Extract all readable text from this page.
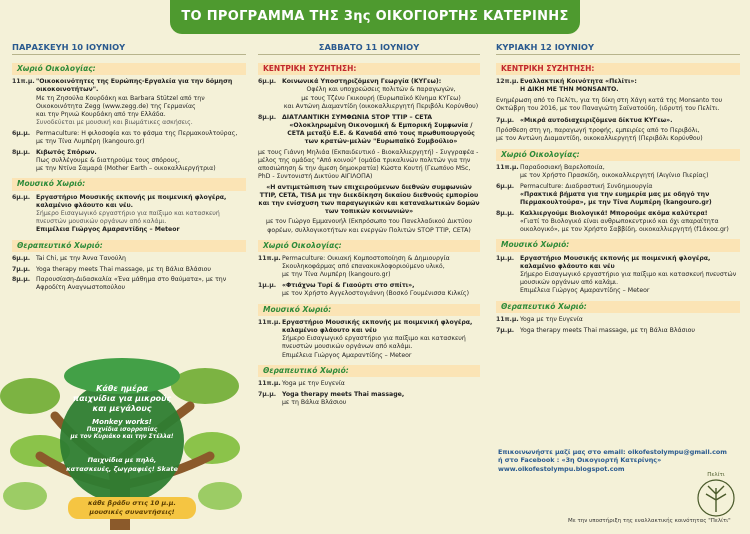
ΤΟ ΠΡΟΓΡΑΜΜΑ ΤΗΣ 3ης ΟΙΚΟΓΙΟΡΤΗΣ ΚΑΤΕΡΙΝΗΣ
ΠΑΡΑΣΚΕΥΗ 10 ΙΟΥΝΙΟΥ
Χωριό Οικολογίας:
11π.μ. "Οικοκοινότητες της Ευρώπης-Εργαλεία για την δόμηση οικοκοινοτήτων".
Με τη Ζησούλα Κουρδάκη και Barbara Stützel από την Οικοκοινότητα Zegg (www.zegg.de) της Γερμανίας
και την Ρηνιώ Κουρδάκη από την Ελλάδα.
Συνοδεύεται με μουσική και βιωμάτικες ασκήσεις.
6μ.μ. Permaculture: Η φιλοσοφία και το φάσμα της Περμακουλτούρας, με την Τίνα Λυμπέρη (kangouro.gr)
8μ.μ. Κιβωτός Σπόρων.
Πως συλλέγουμε & διατηρούμε τους σπόρους,
με την Ντίνα Σαμαρά (Mother Earth – οικοκαλλιεργήτρια)
Μουσικό Χωριό:
6μ.μ. Εργαστήριο Μουσικής εκπονής με ποιμενική φλογέρα, καλαμένιο φλάουτο και νέυ.
Σήμερο Εισαγωγικό εργαστήριο για παίξιμο και κατασκευή πνευστών μουσικών οργάνων από καλάμι.
Επιμέλεια Γιώργος Αμαραντίδης – Meteor
Θεραπευτικό Χωριό:
6μ.μ. Tai Chi, με την Άννα Τανούλη
7μ.μ. Yoga therapy meets Thai massage, με τη Βάλια Βλάσιου
8μ.μ. Παρουσίαση-Διδασκαλία «Ένα μάθημα στο θαύματα», με την Αφροδίτη Αναγνωστοπούλου
Κάθε ημέρα
παιχνίδια για μικρούς
και μεγάλους
Monkey works!
Παιχνίδια ισορροπίας
με τον Κυριάκο και την Στέλλα!
Παιχνίδια με πηλό, κατασκευές, ζωγραφιές! Skate
κάθε βράδυ στις 10 μ.μ.
μουσικές συναντήσεις!
ΣΑΒΒΑΤΟ 11 ΙΟΥΝΙΟΥ
ΚΕΝΤΡΙΚΗ ΣΥΖΗΤΗΣΗ:
6μ.μ. Κοινωνικά Υποστηριζόμενη Γεωργία (ΚΥΓεω):
Οφέλη και υποχρεώσεις πολιτών & παραγωγών,
με τους Τζένυ Γκικουρή (Ευρωπαϊκό Κίνημα ΚΥΓεω)
και Αντώνη Διαμαντίδη (οικοκαλλιεργητή Περιβόλι Κορύνθου)
8μ.μ. ΔΙΑΤΛΑΝΤΙΚΗ ΣΥΜΦΩΝΙΑ STOP TTIP – CETA
«Ολοκληρωμένη Οικονομική & Εμπορική Συμφωνία / CETA μεταξύ Ε.Ε. & Καναδά από τους πρωθυπουργούς των κρατών-μελών "Ευρωπαϊκό Συμβούλιο»
με τους Γιάννη Μηλιάα (Εκπαιδευτικό - Βιοκαλλιεργητή) - Συγγραφέα - μέλος της ομάδας "Από κοινού" (ομάδα τρικαλινών πολιτών για την αποσιώπηση & την άμεση δημοκρατία) Κώστα Κουτή (Γεωπόνο MSc, PhD - Συντονιστή Δικτύου ΑΙΓΙΛΟΠΑ)
«Η αντιμετώπιση των επιχειρούμενων διεθνών συμφωνιών TTIP, CETA, TISA με την διεκδίκηση δικαίου διεθνούς εμπορίου και την ενίσχυση των παραγωγικών και καταναλωτικών δομών των τοπικών κοινωνιών»
με τον Γιώργο Εμμανουήλ (Εκπρόσωπο του Πανελλαδικού Δικτύου φορέων, συλλογικοτήτων και ενεργών Πολιτών STOP TTIP, CETA)
Χωριό Οικολογίας:
11π.μ. Permaculture: Οικιακή Κομποστοποίηση & Δημιουργία Σκουληκοφάρμας από επανακυκλοφοριούμενο υλικό,
με την Τίνα Λυμπέρη (kangouro.gr)
1μ.μ. «Φτιάχνω Τυρί & Γιαούρτι στο σπίτι»,
με τον Χρήστο Αγγελοστογιάννη (Βοσκό Γουμένισσα Κιλκίς)
Μουσικό Χωριό:
11π.μ. Εργαστήριο Μουσικής εκπονής με ποιμενική φλογέρα, καλαμένιο φλάουτο και νέυ
Σήμερο Εισαγωγικό εργαστήριο για παίξιμο και κατασκευή πνευστών μουσικών οργάνων από καλάμι.
Επιμέλεια Γιώργος Αμαραντίδης – Meteor
Θεραπευτικό Χωριό:
11π.μ. Yoga με την Ευγενία
7μ.μ. Yoga therapy meets Thai massage,
με τη Βάλια Βλάσιου
ΚΥΡΙΑΚΗ 12 ΙΟΥΝΙΟΥ
ΚΕΝΤΡΙΚΗ ΣΥΖΗΤΗΣΗ:
12π.μ. Εναλλακτική Κοινότητα «Πελίτι»:
Η ΔΙΚΗ ΜΕ ΤΗΝ MONSANTO.
Ενημέρωση από το Πελίτι, για τη δίκη στη Χάγη κατά της Monsanto του Οκτώβρη του 2016, με τον Παναγιώτη Σαϊνατούδη, (ιδρυτή του Πελίτι.
7μ.μ. «Μικρά αυτοδιαχειριζόμενα δίκτυα ΚΥΓεω».
Πρόσθεση στη γη, παραγωγή τροφής, εμπειρίες από το Περιβόλι,
με τον Αντώνη Διαμαντίδη, οικοκαλλιεργητή (Περιβόλι Κορύνθου)
Χωριό Οικολογίας:
11π.μ. Παραδοσιακή Βαρελοποιία,
με τον Χρήστο Πρασκίδη, οικοκαλλιεργητή (Αιγίνιο Πιερίας)
6μ.μ. Permaculture: Διαδραστική Συνδημιουργία
«Πρακτικά βήματα για την ευημερία μας με οδηγό την Περμακουλτούρα», με την Τίνα Λυμπέρη (kangouro.gr)
8μ.μ. Καλλιεργούμε Βιολογικά! Μπορούμε ακόμα καλύτερα!
«Γιατί το Βιολογικό είναι ανθρωποκεντρικό και όχι απαραίτητα οικολογικό», με τον Χρήστο Σαββίδη, οικοκαλλιεργητή (f1άκοα.gr)
Μουσικό Χωριό:
1μ.μ. Εργαστήριο Μουσικής εκπονής με ποιμενική φλογέρα, καλαμένιο φλάουτο και νέυ
Σήμερο Εισαγωγικό εργαστήριο για παίξιμο και κατασκευή πνευστών μουσικών οργάνων από καλάμι.
Επιμέλεια Γιώργος Αμαραντίδης – Meteor
Θεραπευτικό Χωριό:
11π.μ. Yoga με την Ευγενία
7μ.μ. Yoga therapy meets Thai massage, με τη Βάλια Βλάσιου
Επικοινωνήστε μαζί μας στο email: oikofestolympu@gmail.com
ή στο Facebook : «3η Οικογιορτή Κατερίνης»
www.oikofestolympu.blogspot.com
Πελίτι
Με την υποστήριξη της εναλλακτικής κοινότητας "Πελίτι"
